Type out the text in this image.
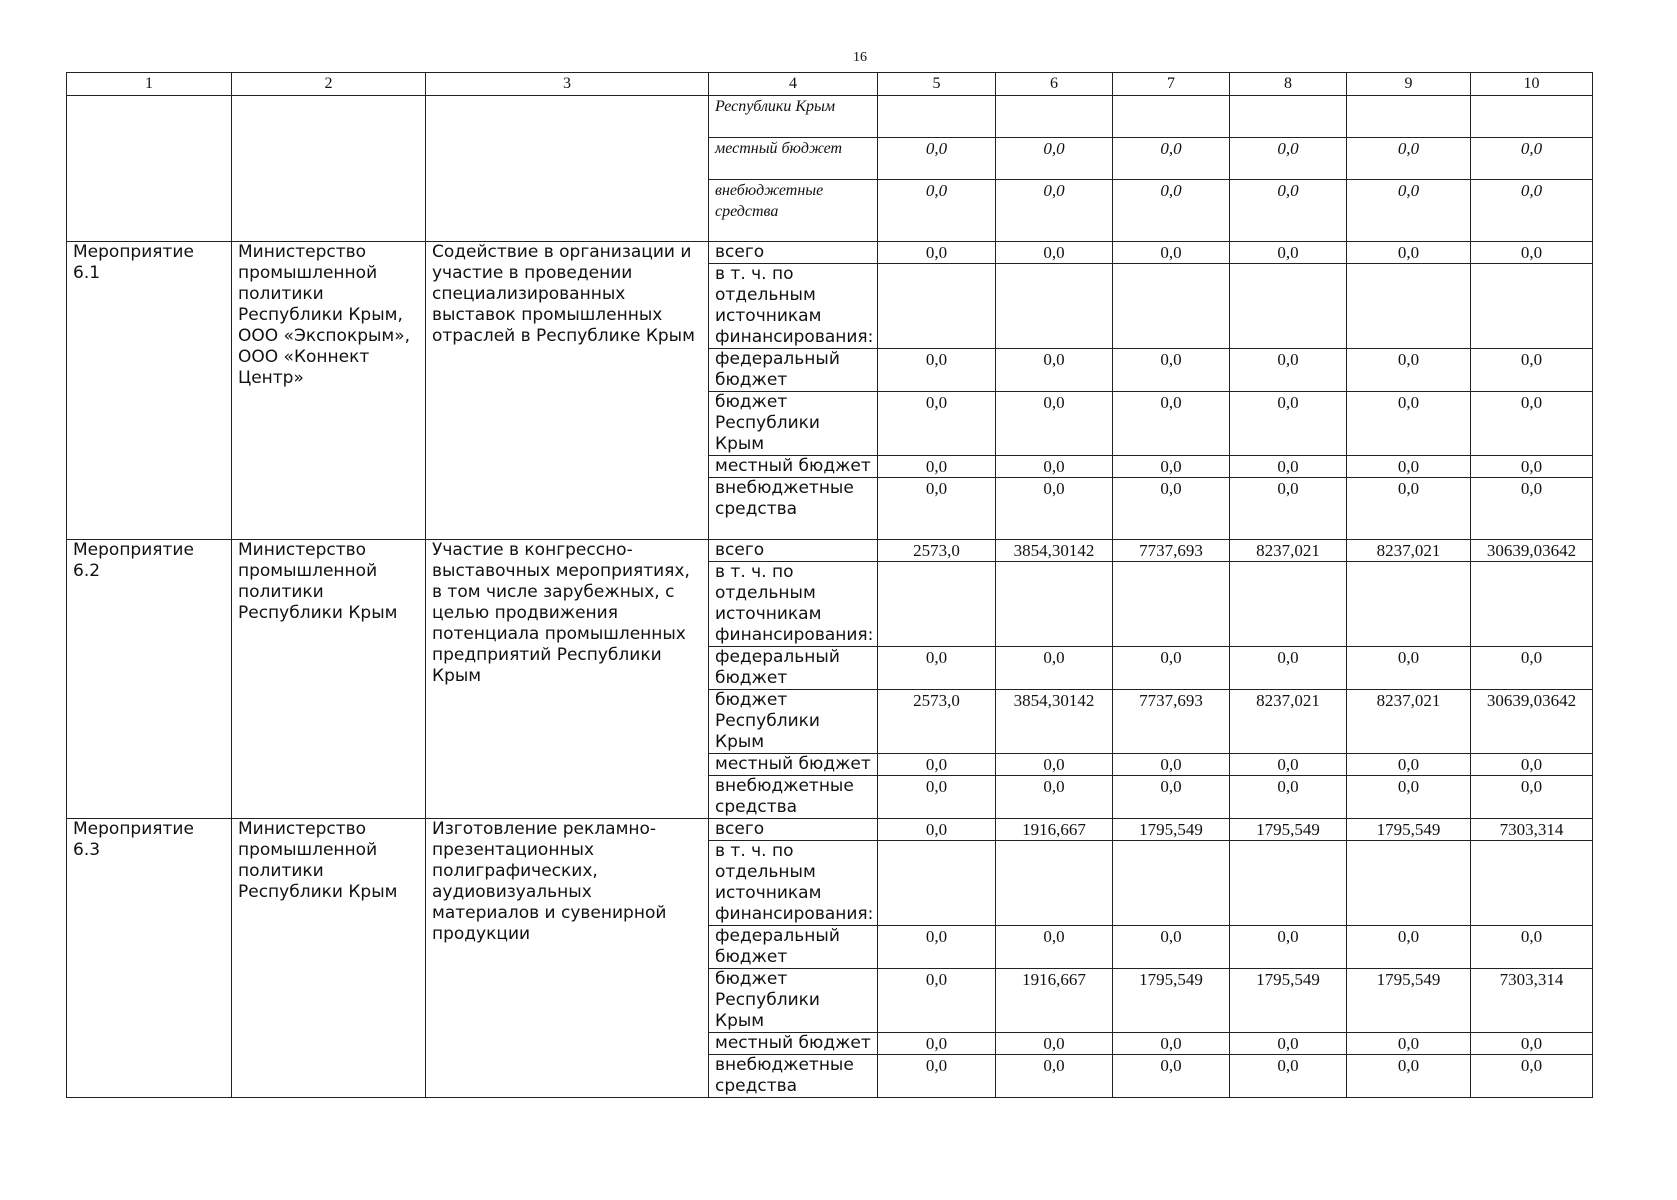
16
1	2	3	4	5	6	7	8	9	10
			Республики Крым						
			местный бюджет	0,0	0,0	0,0	0,0	0,0	0,0
			внебюджетные средства	0,0	0,0	0,0	0,0	0,0	0,0
Мероприятие 6.1	Министерство промышленной политики Республики Крым, ООО «Экспокрым», ООО «Коннект Центр»	Содействие в организации и участие в проведении специализированных выставок промышленных отраслей в Республике Крым	всего	0,0	0,0	0,0	0,0	0,0	0,0
			в т. ч. по отдельным источникам финансирования:						
			федеральный бюджет	0,0	0,0	0,0	0,0	0,0	0,0
			бюджет Республики Крым	0,0	0,0	0,0	0,0	0,0	0,0
			местный бюджет	0,0	0,0	0,0	0,0	0,0	0,0
			внебюджетные средства	0,0	0,0	0,0	0,0	0,0	0,0
Мероприятие 6.2	Министерство промышленной политики Республики Крым	Участие в конгрессно-выставочных мероприятиях, в том числе зарубежных, с целью продвижения потенциала промышленных предприятий Республики Крым	всего	2573,0	3854,30142	7737,693	8237,021	8237,021	30639,03642
			в т. ч. по отдельным источникам финансирования:						
			федеральный бюджет	0,0	0,0	0,0	0,0	0,0	0,0
			бюджет Республики Крым	2573,0	3854,30142	7737,693	8237,021	8237,021	30639,03642
			местный бюджет	0,0	0,0	0,0	0,0	0,0	0,0
			внебюджетные средства	0,0	0,0	0,0	0,0	0,0	0,0
Мероприятие 6.3	Министерство промышленной политики Республики Крым	Изготовление рекламно-презентационных полиграфических, аудиовизуальных материалов и сувенирной продукции	всего	0,0	1916,667	1795,549	1795,549	1795,549	7303,314
			в т. ч. по отдельным источникам финансирования:						
			федеральный бюджет	0,0	0,0	0,0	0,0	0,0	0,0
			бюджет Республики Крым	0,0	1916,667	1795,549	1795,549	1795,549	7303,314
			местный бюджет	0,0	0,0	0,0	0,0	0,0	0,0
			внебюджетные средства	0,0	0,0	0,0	0,0	0,0	0,0
